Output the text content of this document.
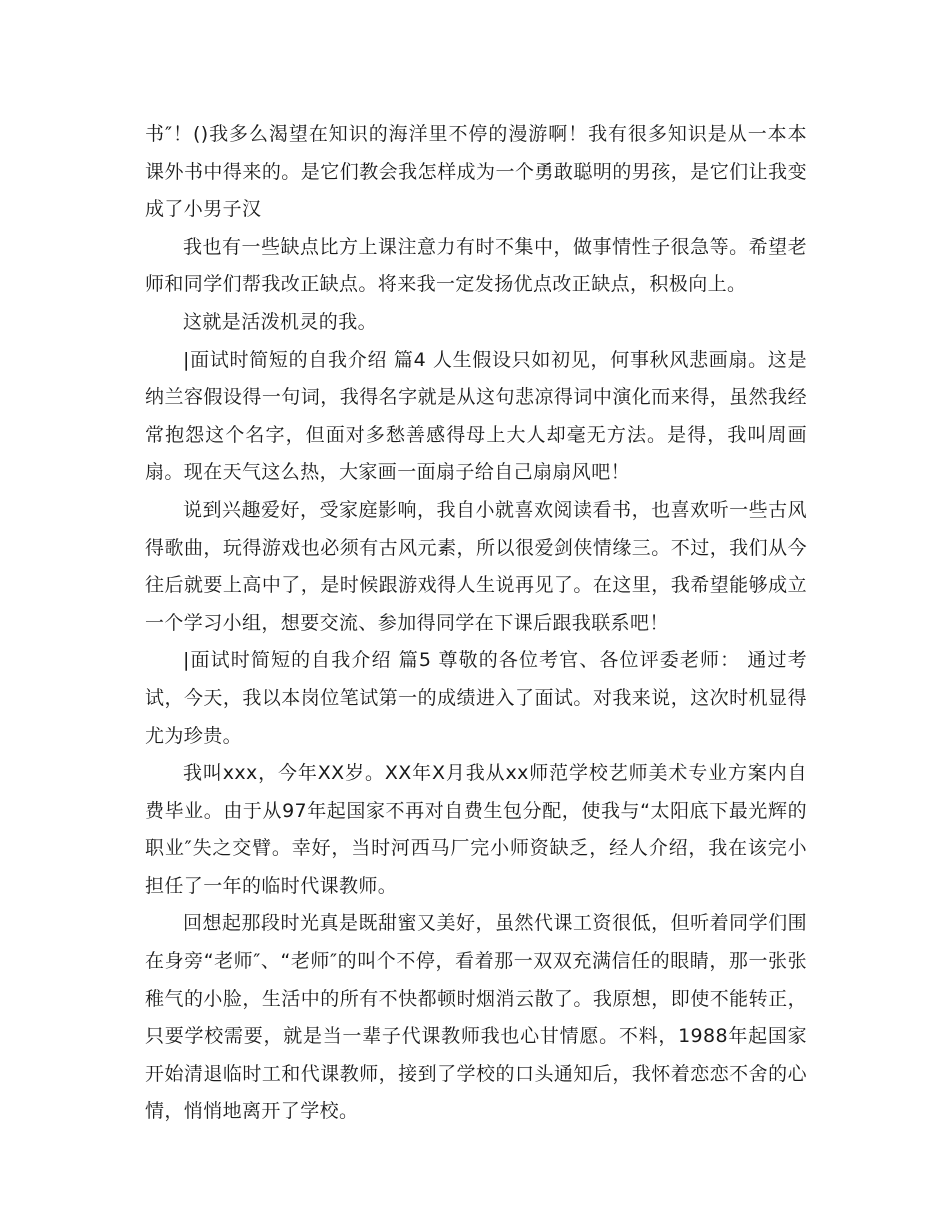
书″！()我多么渴望在知识的海洋里不停的漫游啊！我有很多知识是从一本本课外书中得来的。是它们教会我怎样成为一个勇敢聪明的男孩，是它们让我变成了小男子汉

我也有一些缺点比方上课注意力有时不集中，做事情性子很急等。希望老师和同学们帮我改正缺点。将来我一定发扬优点改正缺点，积极向上。

这就是活泼机灵的我。

|面试时简短的自我介绍 篇4 人生假设只如初见，何事秋风悲画扇。这是纳兰容假设得一句词，我得名字就是从这句悲凉得词中演化而来得，虽然我经常抱怨这个名字，但面对多愁善感得母上大人却毫无方法。是得，我叫周画扇。现在天气这么热，大家画一面扇子给自己扇扇风吧！

说到兴趣爱好，受家庭影响，我自小就喜欢阅读看书，也喜欢听一些古风得歌曲，玩得游戏也必须有古风元素，所以很爱剑侠情缘三。不过，我们从今往后就要上高中了，是时候跟游戏得人生说再见了。在这里，我希望能够成立一个学习小组，想要交流、参加得同学在下课后跟我联系吧！

|面试时简短的自我介绍 篇5 尊敬的各位考官、各位评委老师： 通过考试，今天，我以本岗位笔试第一的成绩进入了面试。对我来说，这次时机显得尤为珍贵。

我叫xxx，今年XX岁。XX年X月我从xx师范学校艺师美术专业方案内自费毕业。由于从97年起国家不再对自费生包分配，使我与“太阳底下最光辉的职业″失之交臂。幸好，当时河西马厂完小师资缺乏，经人介绍，我在该完小担任了一年的临时代课教师。

回想起那段时光真是既甜蜜又美好，虽然代课工资很低，但听着同学们围在身旁“老师″、“老师″的叫个不停，看着那一双双充满信任的眼睛，那一张张稚气的小脸，生活中的所有不快都顿时烟消云散了。我原想，即使不能转正，只要学校需要，就是当一辈子代课教师我也心甘情愿。不料，1988年起国家开始清退临时工和代课教师，接到了学校的口头通知后，我怀着恋恋不舍的心情，悄悄地离开了学校。
